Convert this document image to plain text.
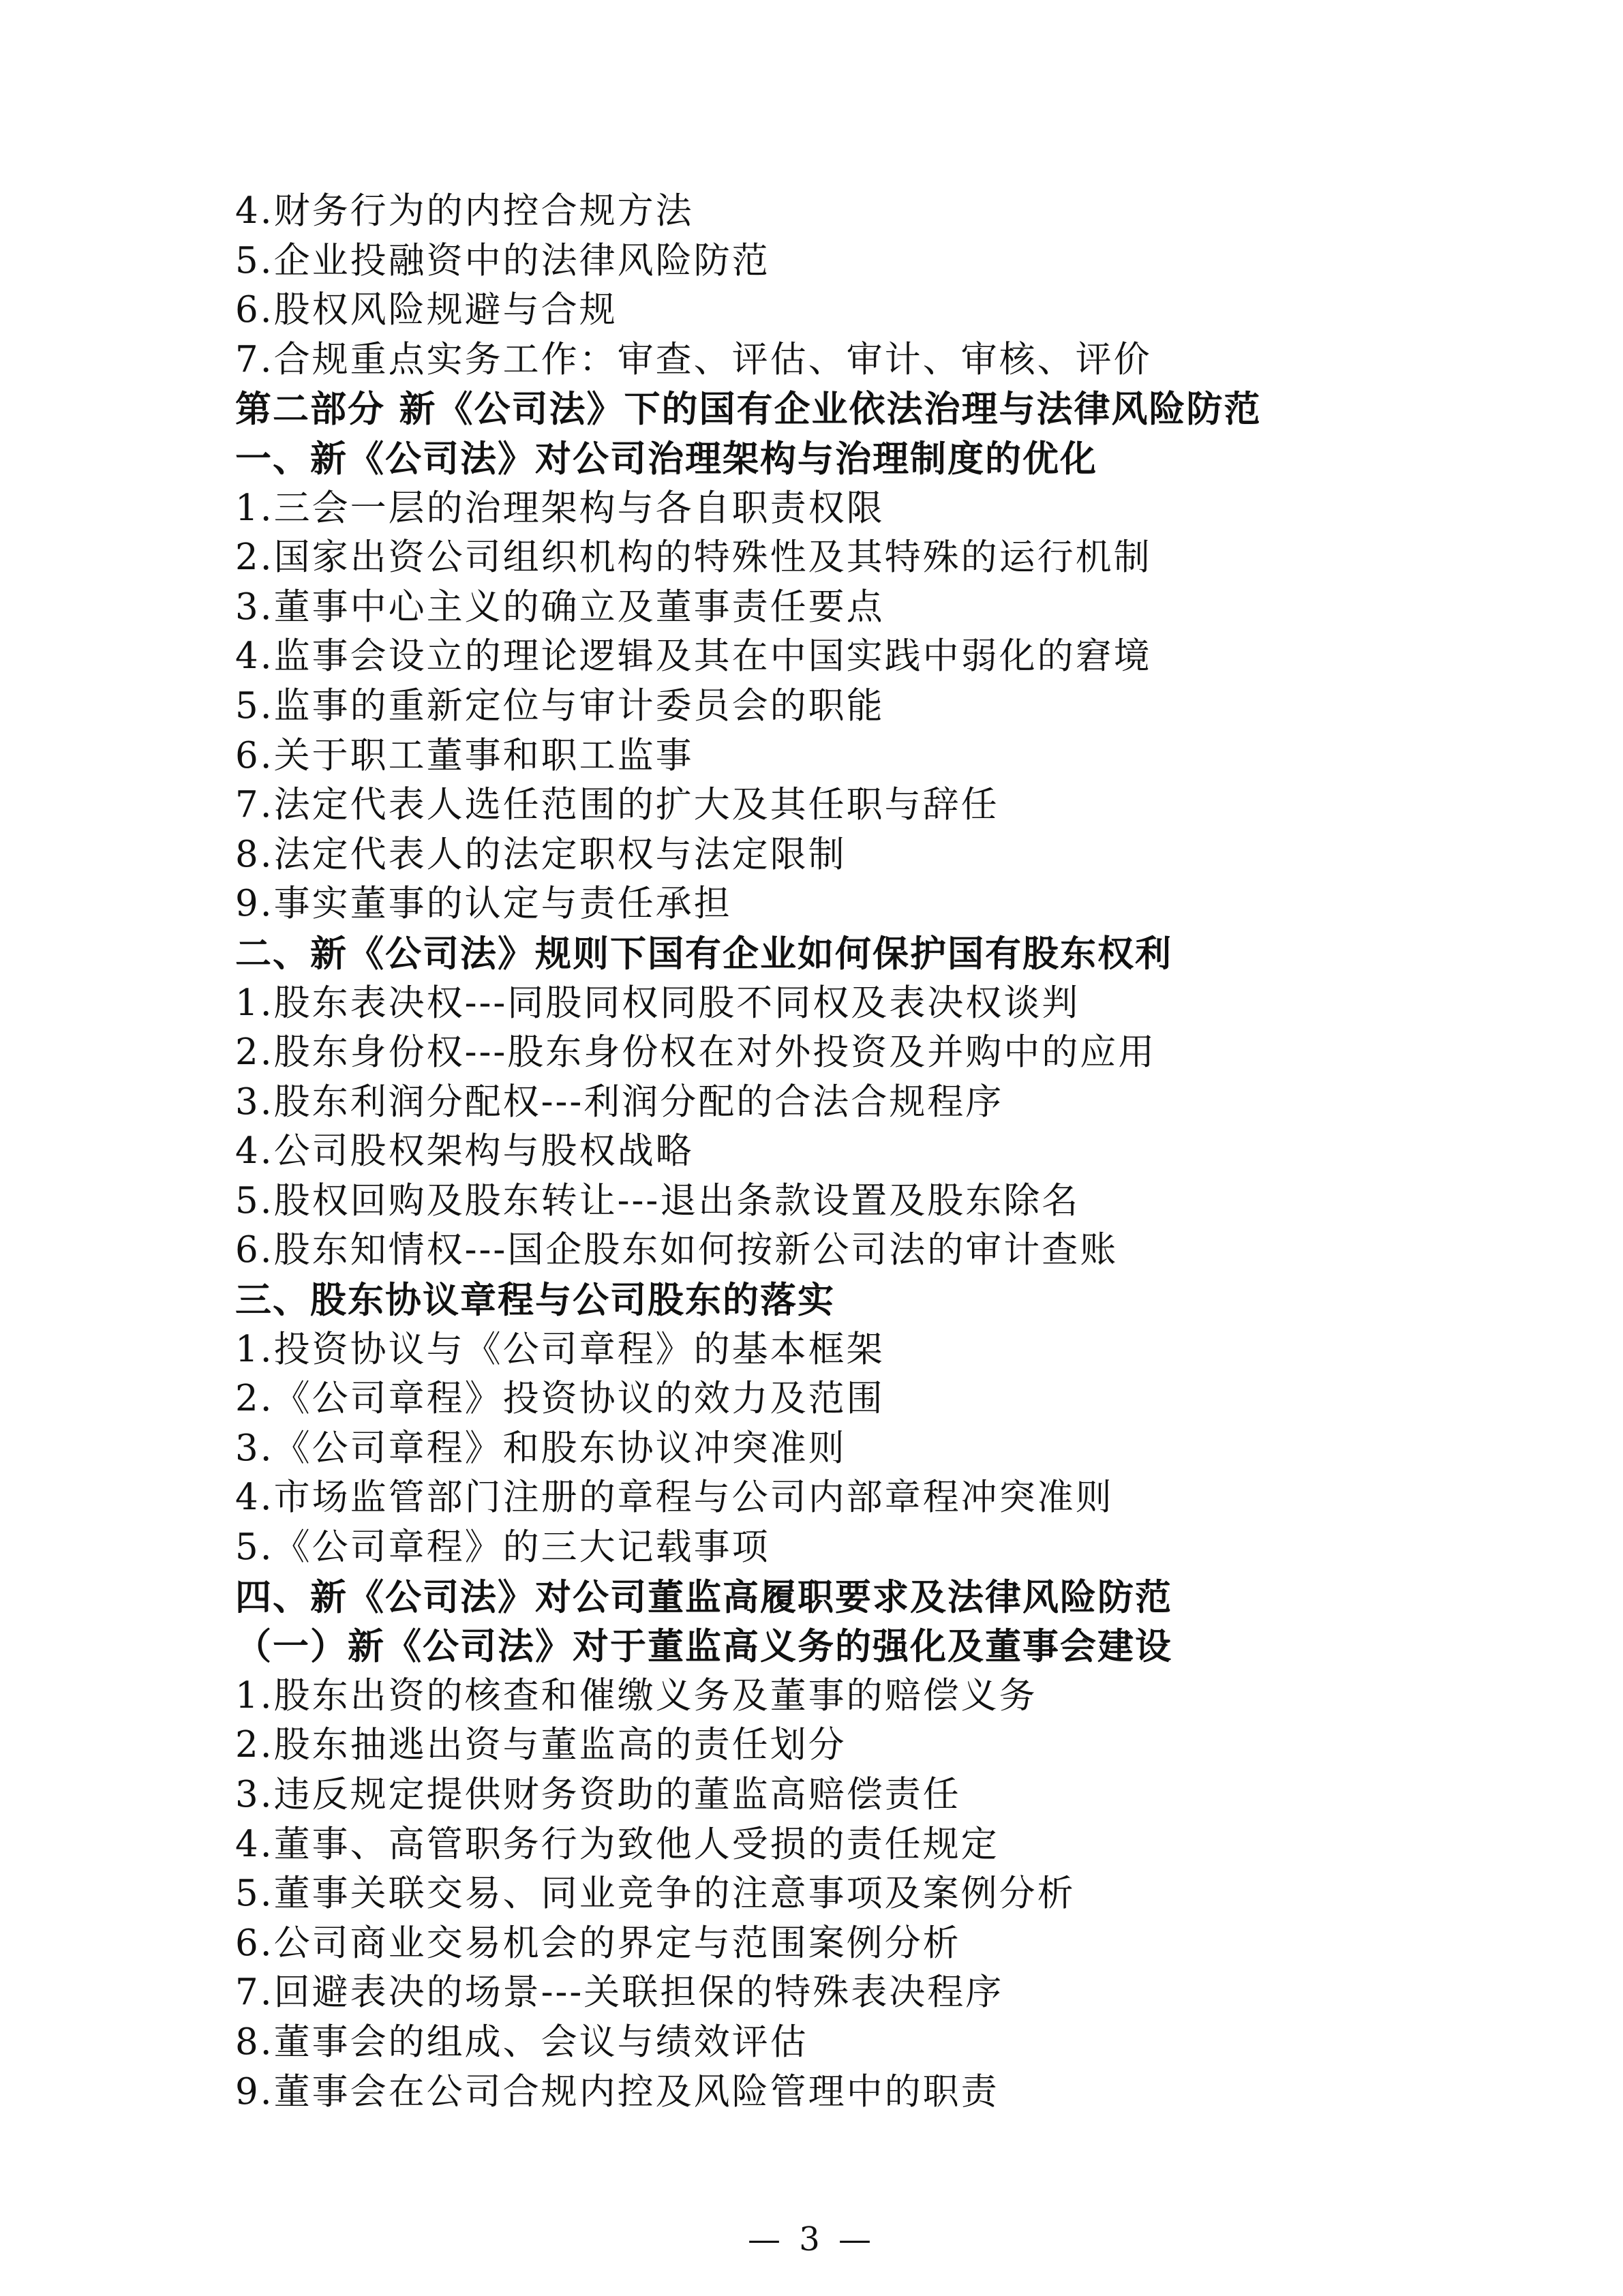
4.财务行为的内控合规方法
5.企业投融资中的法律风险防范
6.股权风险规避与合规
7.合规重点实务工作：审查、评估、审计、审核、评价
第二部分 新《公司法》下的国有企业依法治理与法律风险防范
一、新《公司法》对公司治理架构与治理制度的优化
1.三会一层的治理架构与各自职责权限
2.国家出资公司组织机构的特殊性及其特殊的运行机制
3.董事中心主义的确立及董事责任要点
4.监事会设立的理论逻辑及其在中国实践中弱化的窘境
5.监事的重新定位与审计委员会的职能
6.关于职工董事和职工监事
7.法定代表人选任范围的扩大及其任职与辞任
8.法定代表人的法定职权与法定限制
9.事实董事的认定与责任承担
二、新《公司法》规则下国有企业如何保护国有股东权利
1.股东表决权---同股同权同股不同权及表决权谈判
2.股东身份权---股东身份权在对外投资及并购中的应用
3.股东利润分配权---利润分配的合法合规程序
4.公司股权架构与股权战略
5.股权回购及股东转让---退出条款设置及股东除名
6.股东知情权---国企股东如何按新公司法的审计查账
三、股东协议章程与公司股东的落实
1.投资协议与《公司章程》的基本框架
2.《公司章程》投资协议的效力及范围
3.《公司章程》和股东协议冲突准则
4.市场监管部门注册的章程与公司内部章程冲突准则
5.《公司章程》的三大记载事项
四、新《公司法》对公司董监高履职要求及法律风险防范
（一）新《公司法》对于董监高义务的强化及董事会建设
1.股东出资的核查和催缴义务及董事的赔偿义务
2.股东抽逃出资与董监高的责任划分
3.违反规定提供财务资助的董监高赔偿责任
4.董事、高管职务行为致他人受损的责任规定
5.董事关联交易、同业竞争的注意事项及案例分析
6.公司商业交易机会的界定与范围案例分析
7.回避表决的场景---关联担保的特殊表决程序
8.董事会的组成、会议与绩效评估
9.董事会在公司合规内控及风险管理中的职责
— 3 —
